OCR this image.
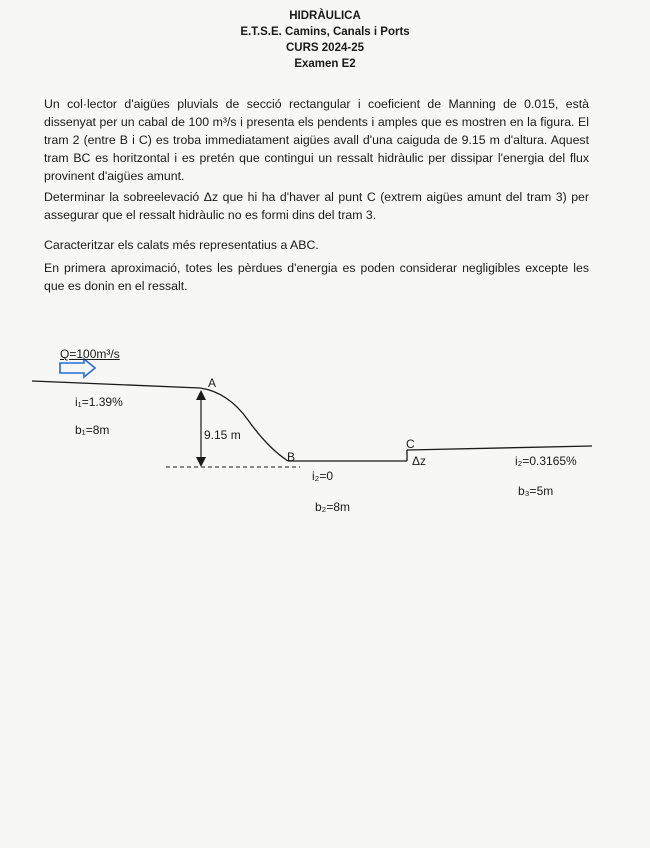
HIDRÀULICA
E.T.S.E. Camins, Canals i Ports
CURS 2024-25
Examen E2
Un col·lector d'aigües pluvials de secció rectangular i coeficient de Manning de 0.015, està dissenyat per un cabal de 100 m³/s i presenta els pendents i amples que es mostren en la figura. El tram 2 (entre B i C) es troba immediatament aigües avall d'una caiguda de 9.15 m d'altura. Aquest tram BC es horitzontal i es pretén que contingui un ressalt hidràulic per dissipar l'energia del flux provinent d'aigües amunt.
Determinar la sobreelevació Δz que hi ha d'haver al punt C (extrem aigües amunt del tram 3) per assegurar que el ressalt hidràulic no es formi dins del tram 3.
Caracteritzar els calats més representatius a ABC.
En primera aproximació, totes les pèrdues d'energia es poden considerar negligibles excepte les que es donin en el ressalt.
Q=100m³/s
A
i₁=1.39%
b₁=8m	9.15 m
B
C
Δz	i₂=0.3165%
i₂=0
b₃=5m
b₂=8m
